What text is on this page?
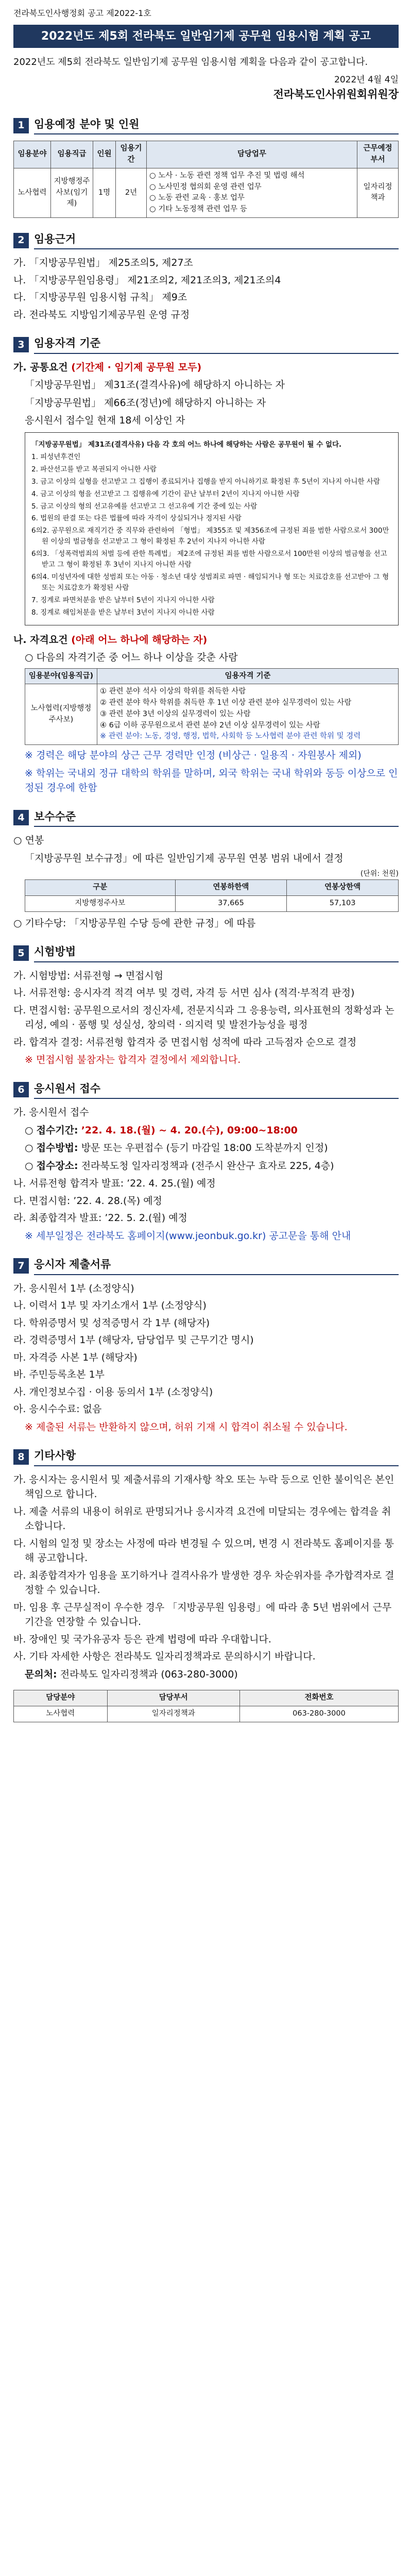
전라북도인사행정회 공고 제2022-1호
2022년도 제5회 전라북도 일반임기제 공무원 임용시험 계획 공고
2022년도 제5회 전라북도 일반임기제 공무원 임용시험 계획을 다음과 같이 공고합니다.
2022년 4월 4일
전라북도인사위원회위원장
1 임용예정 분야 및 인원
임용분야	임용직급	인원	임용기간	담당업무	근무예정부서
노사협력	지방행정주사보(임기제)	1명	2년	○ 노사 · 노동 관련 정책 업무 추진 및 법령 해석
○ 노사민정 협의회 운영 관련 업무
○ 노동 관련 교육 · 홍보 업무
○ 기타 노동정책 관련 업무 등	일자리정책과
2 임용근거
가. 「지방공무원법」 제25조의5, 제27조
나. 「지방공무원임용령」 제21조의2, 제21조의3, 제21조의4
다. 「지방공무원 임용시험 규칙」 제9조
라. 전라북도 지방임기제공무원 운영 규정
3 임용자격 기준
가. 공통요건 (기간제 · 임기제 공무원 모두)
「지방공무원법」 제31조(결격사유)에 해당하지 아니하는 자
「지방공무원법」 제66조(정년)에 해당하지 아니하는 자
응시원서 접수일 현재 18세 이상인 자

「지방공무원법」 제31조(결격사유) 다음 각 호의 어느 하나에 해당하는 사람은 공무원이 될 수 없다.

1. 피성년후견인

2. 파산선고를 받고 복권되지 아니한 사람

3. 금고 이상의 실형을 선고받고 그 집행이 종료되거나 집행을 받지 아니하기로 확정된 후 5년이 지나지 아니한 사람

4. 금고 이상의 형을 선고받고 그 집행유예 기간이 끝난 날부터 2년이 지나지 아니한 사람

5. 금고 이상의 형의 선고유예를 선고받고 그 선고유예 기간 중에 있는 사람

6. 법원의 판결 또는 다른 법률에 따라 자격이 상실되거나 정지된 사람

6의2. 공무원으로 재직기간 중 직무와 관련하여 「형법」 제355조 및 제356조에 규정된 죄를 범한 사람으로서 300만원 이상의 벌금형을 선고받고 그 형이 확정된 후 2년이 지나지 아니한 사람

6의3. 「성폭력범죄의 처벌 등에 관한 특례법」 제2조에 규정된 죄를 범한 사람으로서 100만원 이상의 벌금형을 선고받고 그 형이 확정된 후 3년이 지나지 아니한 사람

6의4. 미성년자에 대한 성범죄 또는 아동 · 청소년 대상 성범죄로 파면 · 해임되거나 형 또는 치료감호를 선고받아 그 형 또는 치료감호가 확정된 사람

7. 징계로 파면처분을 받은 날부터 5년이 지나지 아니한 사람

8. 징계로 해임처분을 받은 날부터 3년이 지나지 아니한 사람

나. 자격요건 (아래 어느 하나에 해당하는 자)
○ 다음의 자격기준 중 어느 하나 이상을 갖춘 사람
임용분야(임용직급)	임용자격 기준
노사협력(지방행정주사보)	① 관련 분야 석사 이상의 학위를 취득한 사람
② 관련 분야 학사 학위를 취득한 후 1년 이상 관련 분야 실무경력이 있는 사람
③ 관련 분야 3년 이상의 실무경력이 있는 사람
④ 6급 이하 공무원으로서 관련 분야 2년 이상 실무경력이 있는 사람
※ 관련 분야: 노동, 경영, 행정, 법학, 사회학 등 노사협력 분야 관련 학위 및 경력
※ 경력은 해당 분야의 상근 근무 경력만 인정 (비상근 · 일용직 · 자원봉사 제외)
※ 학위는 국내외 정규 대학의 학위를 말하며, 외국 학위는 국내 학위와 동등 이상으로 인정된 경우에 한함
4 보수수준
○ 연봉
「지방공무원 보수규정」에 따른 일반임기제 공무원 연봉 범위 내에서 결정
(단위: 천원)
구분	연봉하한액	연봉상한액
지방행정주사보	37,665	57,103
○ 기타수당: 「지방공무원 수당 등에 관한 규정」에 따름
5 시험방법
가. 시험방법: 서류전형 → 면접시험
나. 서류전형: 응시자격 적격 여부 및 경력, 자격 등 서면 심사 (적격·부적격 판정)
다. 면접시험: 공무원으로서의 정신자세, 전문지식과 그 응용능력, 의사표현의 정확성과 논리성, 예의 · 품행 및 성실성, 창의력 · 의지력 및 발전가능성을 평정
라. 합격자 결정: 서류전형 합격자 중 면접시험 성적에 따라 고득점자 순으로 결정
※ 면접시험 불참자는 합격자 결정에서 제외합니다.
6 응시원서 접수
가. 응시원서 접수
○ 접수기간: ’22. 4. 18.(월) ~ 4. 20.(수), 09:00~18:00
○ 접수방법: 방문 또는 우편접수 (등기 마감일 18:00 도착분까지 인정)
○ 접수장소: 전라북도청 일자리정책과 (전주시 완산구 효자로 225, 4층)
나. 서류전형 합격자 발표: ’22. 4. 25.(월) 예정
다. 면접시험: ’22. 4. 28.(목) 예정
라. 최종합격자 발표: ’22. 5. 2.(월) 예정
※ 세부일정은 전라북도 홈페이지(www.jeonbuk.go.kr) 공고문을 통해 안내
7 응시자 제출서류
가. 응시원서 1부 (소정양식)
나. 이력서 1부 및 자기소개서 1부 (소정양식)
다. 학위증명서 및 성적증명서 각 1부 (해당자)
라. 경력증명서 1부 (해당자, 담당업무 및 근무기간 명시)
마. 자격증 사본 1부 (해당자)
바. 주민등록초본 1부
사. 개인정보수집 · 이용 동의서 1부 (소정양식)
아. 응시수수료: 없음
※ 제출된 서류는 반환하지 않으며, 허위 기재 시 합격이 취소될 수 있습니다.
8 기타사항
가. 응시자는 응시원서 및 제출서류의 기재사항 착오 또는 누락 등으로 인한 불이익은 본인 책임으로 합니다.
나. 제출 서류의 내용이 허위로 판명되거나 응시자격 요건에 미달되는 경우에는 합격을 취소합니다.
다. 시험의 일정 및 장소는 사정에 따라 변경될 수 있으며, 변경 시 전라북도 홈페이지를 통해 공고합니다.
라. 최종합격자가 임용을 포기하거나 결격사유가 발생한 경우 차순위자를 추가합격자로 결정할 수 있습니다.
마. 임용 후 근무실적이 우수한 경우 「지방공무원 임용령」에 따라 총 5년 범위에서 근무기간을 연장할 수 있습니다.
바. 장애인 및 국가유공자 등은 관계 법령에 따라 우대합니다.
사. 기타 자세한 사항은 전라북도 일자리정책과로 문의하시기 바랍니다.
문의처: 전라북도 일자리정책과 (063-280-3000)
담당분야	담당부서	전화번호
노사협력	일자리정책과	063-280-3000
